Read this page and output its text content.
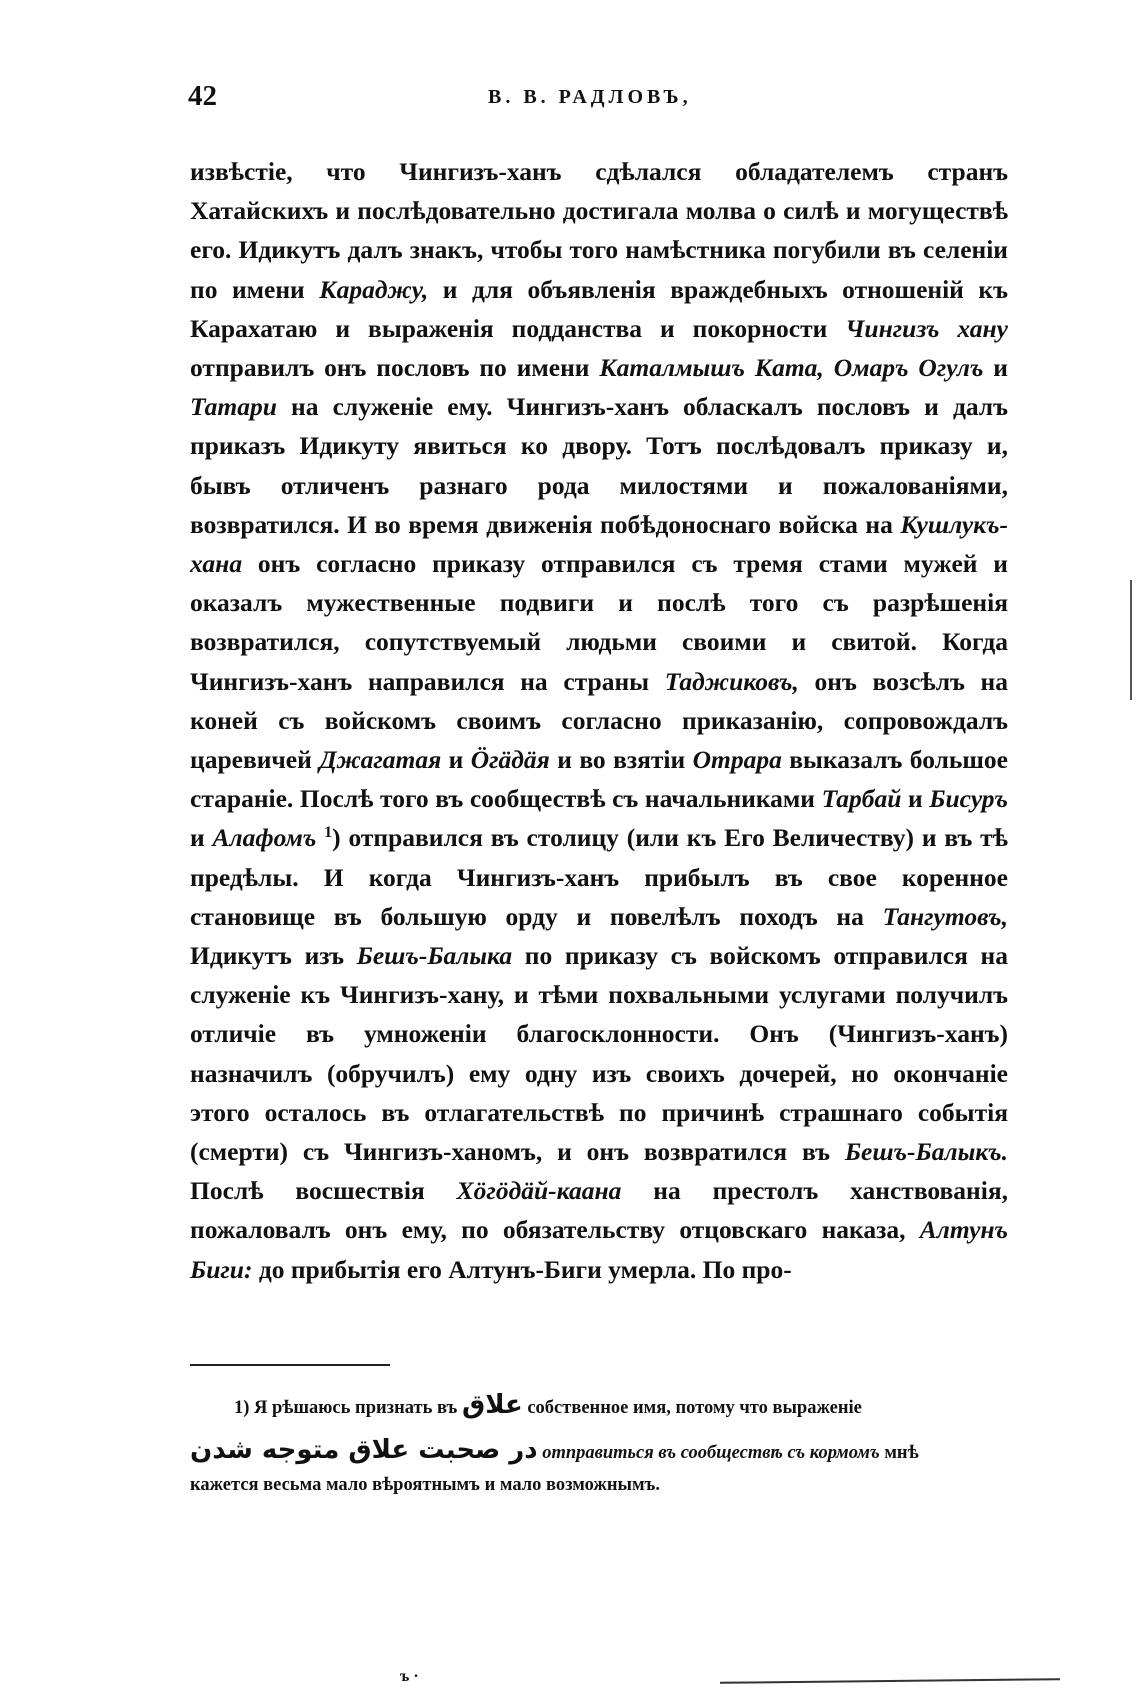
42	В. В. РАДЛОВЪ,

извѣстіе, что Чингизъ-ханъ сдѣлался обладателемъ странъ Хатайскихъ и послѣдовательно достигала молва о силѣ и могуществѣ его. Идикутъ далъ знакъ, чтобы того намѣстника погубили въ селеніи по имени Караджу, и для объявленія враждебныхъ отношеній къ Карахатаю и выраженія подданства и покорности Чингизъ хану отправилъ онъ пословъ по имени Каталмышъ Ката, Омаръ Огулъ и Татари на служеніе ему. Чингизъ-ханъ обласкалъ пословъ и далъ приказъ Идикуту явиться ко двору. Тотъ послѣдовалъ приказу и, бывъ отличенъ разнаго рода милостями и пожалованіями, возвратился. И во время движенія побѣдоноснаго войска на Кушлукъ-хана онъ согласно приказу отправился съ тремя стами мужей и оказалъ мужественные подвиги и послѣ того съ разрѣшенія возвратился, сопутствуемый людьми своими и свитой. Когда Чингизъ-ханъ направился на страны Таджиковъ, онъ возсѣлъ на коней съ войскомъ своимъ согласно приказанію, сопровождалъ царевичей Джагатая и Ӧгӓдӓя и во взятіи Отрара выказалъ большое стараніе. Послѣ того въ сообществѣ съ начальниками Тарбай и Бисуръ и Алафомъ $^1$) отправился въ столицу (или къ Его Величеству) и въ тѣ предѣлы. И когда Чингизъ-ханъ прибылъ въ свое коренное становище въ большую орду и повелѣлъ походъ на Тангутовъ, Идикутъ изъ Бешъ-Балыка по приказу съ войскомъ отправился на служеніе къ Чингизъ-хану, и тѣми похвальными услугами получилъ отличіе въ умноженіи благосклонности. Онъ (Чингизъ-ханъ) назначилъ (обручилъ) ему одну изъ своихъ дочерей, но окончаніе этого осталось въ отлагательствѣ по причинѣ страшнаго событія (смерти) съ Чингизъ-ханомъ, и онъ возвратился въ Бешъ-Балыкъ. Послѣ восшествія Хӧгӧдӓй-каана на престолъ ханствованія, пожаловалъ онъ ему, по обязательству отцовскаго наказа, Алтунъ Биги: до прибытія его Алтунъ-Биги умерла. По про-

1) Я рѣшаюсь признать въ علاق собственное имя, потому что выраженіе

در صحبت علاق متوجه شدن отправиться въ сообществѣ съ кормомъ мнѣ

кажется весьма мало вѣроятнымъ и мало возможнымъ.

ъ ·
